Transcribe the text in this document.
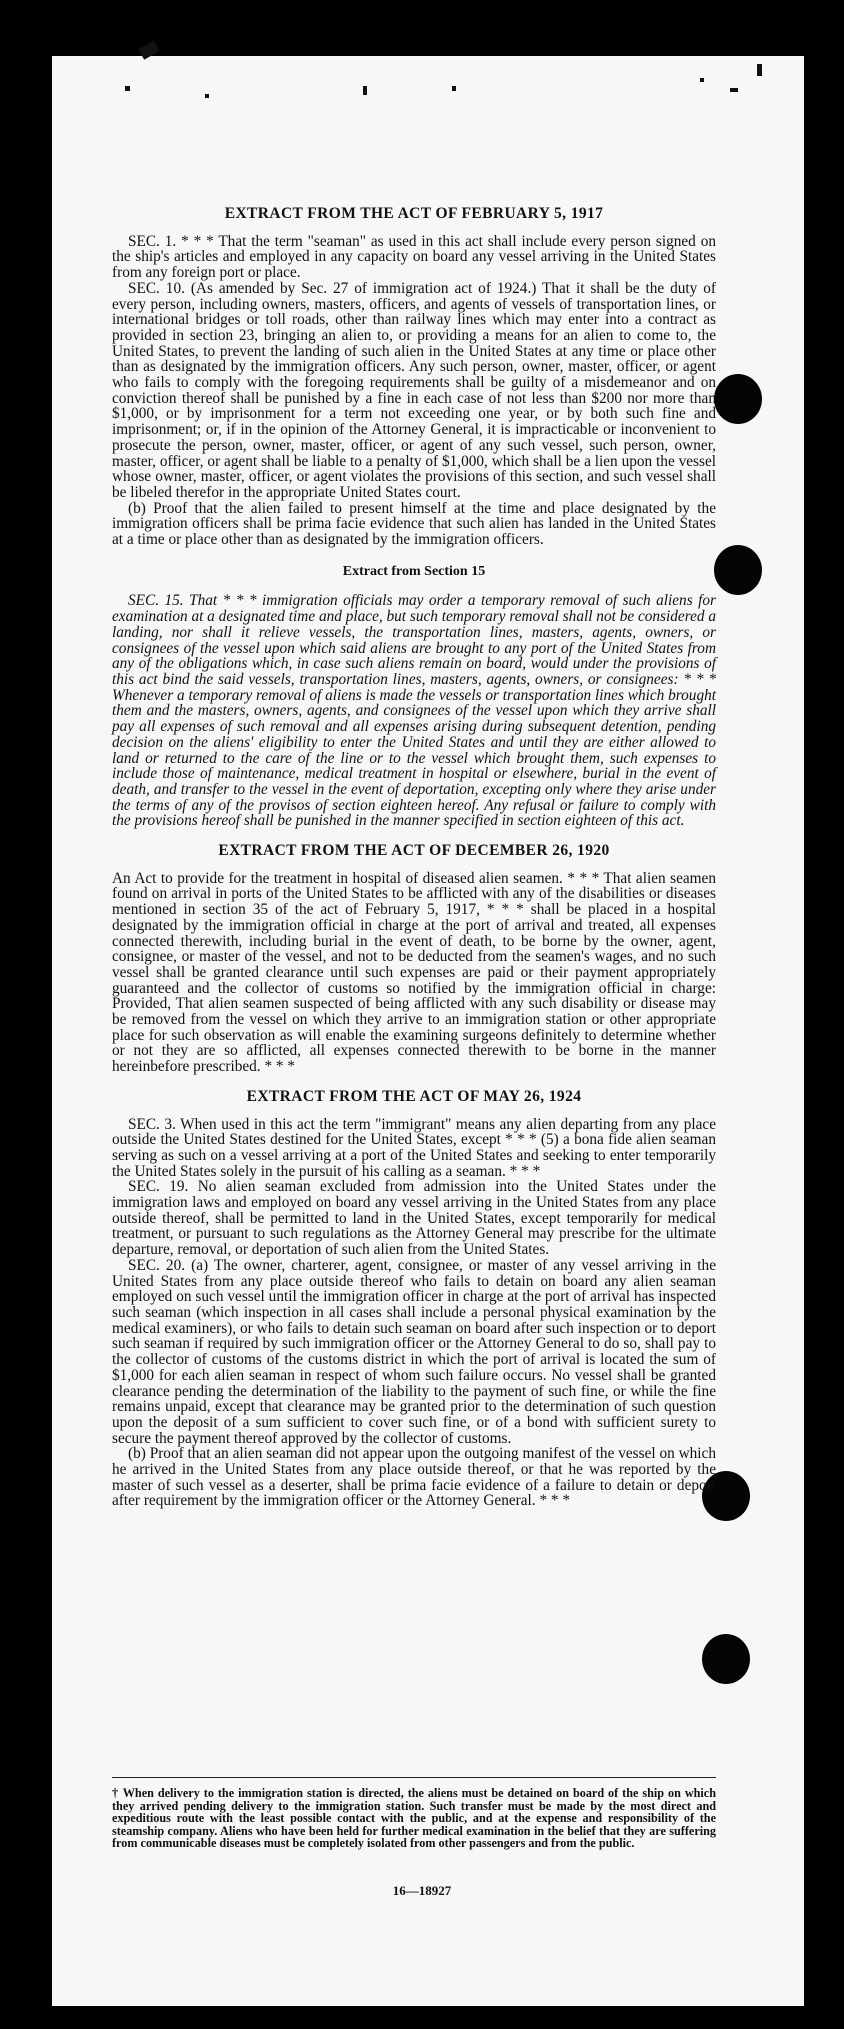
EXTRACT FROM THE ACT OF FEBRUARY 5, 1917

SEC. 1. * * * That the term "seaman" as used in this act shall include every person signed on the ship's articles and employed in any capacity on board any vessel arriving in the United States from any foreign port or place.

SEC. 10. (As amended by Sec. 27 of immigration act of 1924.) That it shall be the duty of every person, including owners, masters, officers, and agents of vessels of transportation lines, or international bridges or toll roads, other than railway lines which may enter into a contract as provided in section 23, bringing an alien to, or providing a means for an alien to come to, the United States, to prevent the landing of such alien in the United States at any time or place other than as designated by the immigration officers. Any such person, owner, master, officer, or agent who fails to comply with the foregoing requirements shall be guilty of a misdemeanor and on conviction thereof shall be punished by a fine in each case of not less than $200 nor more than $1,000, or by imprisonment for a term not exceeding one year, or by both such fine and imprisonment; or, if in the opinion of the Attorney General, it is impracticable or inconvenient to prosecute the person, owner, master, officer, or agent of any such vessel, such person, owner, master, officer, or agent shall be liable to a penalty of $1,000, which shall be a lien upon the vessel whose owner, master, officer, or agent violates the provisions of this section, and such vessel shall be libeled therefor in the appropriate United States court.

(b) Proof that the alien failed to present himself at the time and place designated by the immigration officers shall be prima facie evidence that such alien has landed in the United States at a time or place other than as designated by the immigration officers.

Extract from Section 15

SEC. 15. That * * * immigration officials may order a temporary removal of such aliens for examination at a designated time and place, but such temporary removal shall not be considered a landing, nor shall it relieve vessels, the transportation lines, masters, agents, owners, or consignees of the vessel upon which said aliens are brought to any port of the United States from any of the obligations which, in case such aliens remain on board, would under the provisions of this act bind the said vessels, transportation lines, masters, agents, owners, or consignees: * * * Whenever a temporary removal of aliens is made the vessels or transportation lines which brought them and the masters, owners, agents, and consignees of the vessel upon which they arrive shall pay all expenses of such removal and all expenses arising during subsequent detention, pending decision on the aliens' eligibility to enter the United States and until they are either allowed to land or returned to the care of the line or to the vessel which brought them, such expenses to include those of maintenance, medical treatment in hospital or elsewhere, burial in the event of death, and transfer to the vessel in the event of deportation, excepting only where they arise under the terms of any of the provisos of section eighteen hereof. Any refusal or failure to comply with the provisions hereof shall be punished in the manner specified in section eighteen of this act.

EXTRACT FROM THE ACT OF DECEMBER 26, 1920

An Act to provide for the treatment in hospital of diseased alien seamen. * * * That alien seamen found on arrival in ports of the United States to be afflicted with any of the disabilities or diseases mentioned in section 35 of the act of February 5, 1917, * * * shall be placed in a hospital designated by the immigration official in charge at the port of arrival and treated, all expenses connected therewith, including burial in the event of death, to be borne by the owner, agent, consignee, or master of the vessel, and not to be deducted from the seamen's wages, and no such vessel shall be granted clearance until such expenses are paid or their payment appropriately guaranteed and the collector of customs so notified by the immigration official in charge: Provided, That alien seamen suspected of being afflicted with any such disability or disease may be removed from the vessel on which they arrive to an immigration station or other appropriate place for such observation as will enable the examining surgeons definitely to determine whether or not they are so afflicted, all expenses connected therewith to be borne in the manner hereinbefore prescribed. * * *

EXTRACT FROM THE ACT OF MAY 26, 1924

SEC. 3. When used in this act the term "immigrant" means any alien departing from any place outside the United States destined for the United States, except * * * (5) a bona fide alien seaman serving as such on a vessel arriving at a port of the United States and seeking to enter temporarily the United States solely in the pursuit of his calling as a seaman. * * *

SEC. 19. No alien seaman excluded from admission into the United States under the immigration laws and employed on board any vessel arriving in the United States from any place outside thereof, shall be permitted to land in the United States, except temporarily for medical treatment, or pursuant to such regulations as the Attorney General may prescribe for the ultimate departure, removal, or deportation of such alien from the United States.

SEC. 20. (a) The owner, charterer, agent, consignee, or master of any vessel arriving in the United States from any place outside thereof who fails to detain on board any alien seaman employed on such vessel until the immigration officer in charge at the port of arrival has inspected such seaman (which inspection in all cases shall include a personal physical examination by the medical examiners), or who fails to detain such seaman on board after such inspection or to deport such seaman if required by such immigration officer or the Attorney General to do so, shall pay to the collector of customs of the customs district in which the port of arrival is located the sum of $1,000 for each alien seaman in respect of whom such failure occurs. No vessel shall be granted clearance pending the determination of the liability to the payment of such fine, or while the fine remains unpaid, except that clearance may be granted prior to the determination of such question upon the deposit of a sum sufficient to cover such fine, or of a bond with sufficient surety to secure the payment thereof approved by the collector of customs.

(b) Proof that an alien seaman did not appear upon the outgoing manifest of the vessel on which he arrived in the United States from any place outside thereof, or that he was reported by the master of such vessel as a deserter, shall be prima facie evidence of a failure to detain or deport after requirement by the immigration officer or the Attorney General. * * *

† When delivery to the immigration station is directed, the aliens must be detained on board of the ship on which they arrived pending delivery to the immigration station. Such transfer must be made by the most direct and expeditious route with the least possible contact with the public, and at the expense and responsibility of the steamship company. Aliens who have been held for further medical examination in the belief that they are suffering from communicable diseases must be completely isolated from other passengers and from the public.
16—18927
